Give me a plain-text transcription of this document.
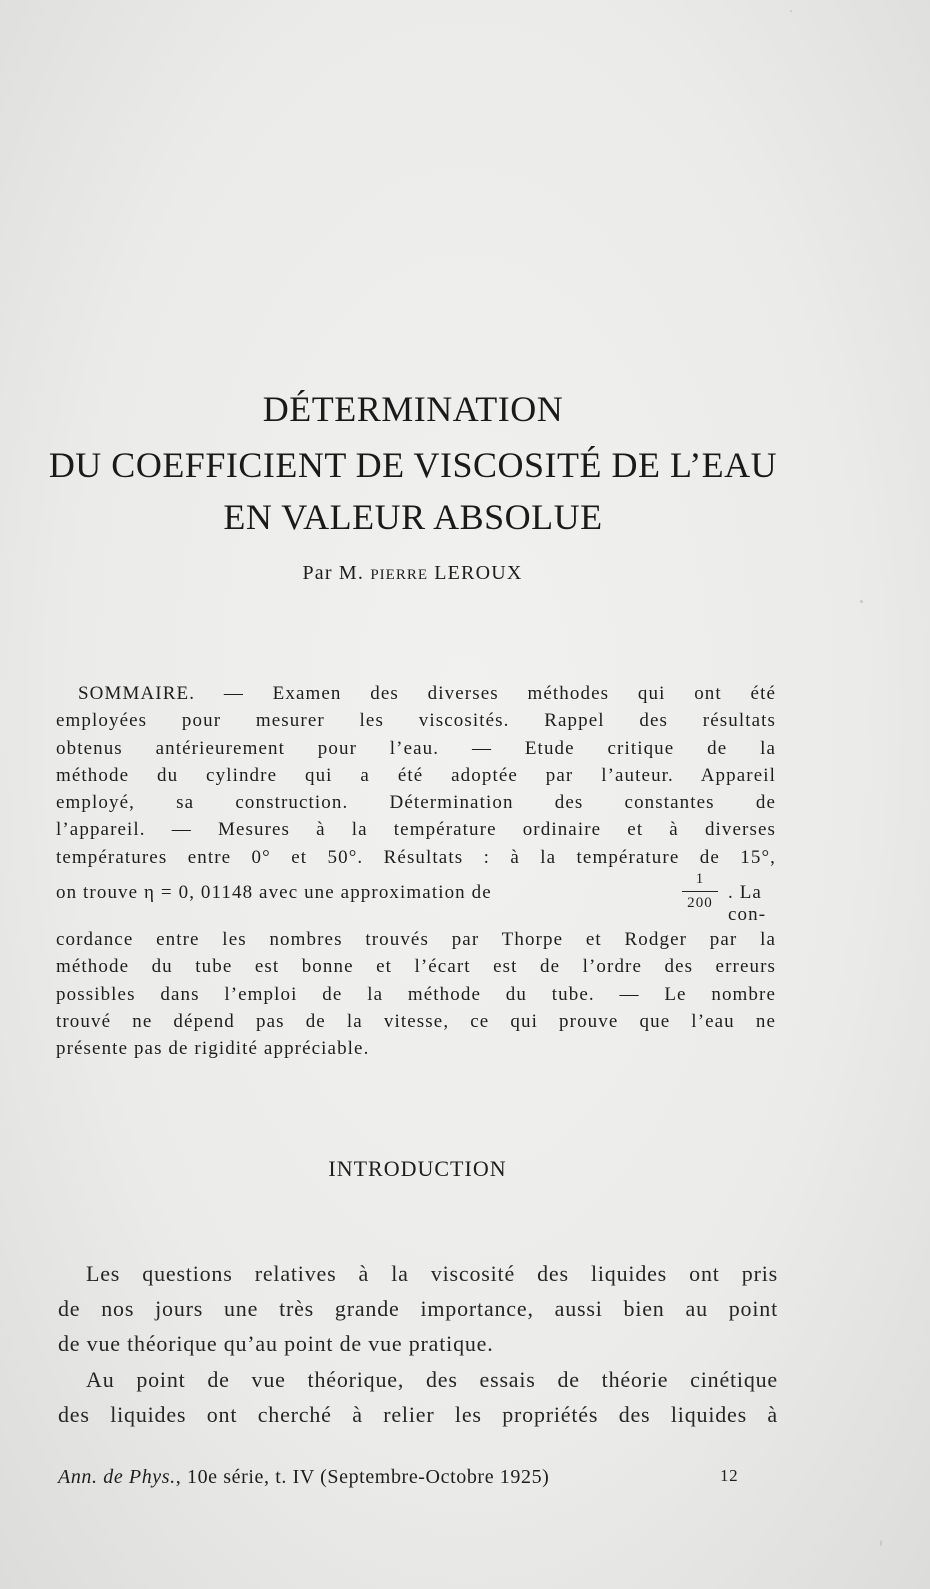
DÉTERMINATION
DU COEFFICIENT DE VISCOSITÉ DE L’EAU
EN VALEUR ABSOLUE
Par M. PIERRE LEROUX
SOMMAIRE. — Examen des diverses méthodes qui ont été
employées pour mesurer les viscosités. Rappel des résultats
obtenus antérieurement pour l’eau. — Etude critique de la
méthode du cylindre qui a été adoptée par l’auteur. Appareil
employé, sa construction. Détermination des constantes de
l’appareil. — Mesures à la température ordinaire et à diverses
températures entre 0° et 50°. Résultats : à la température de 15°,
on trouve η = 0, 01148 avec une approximation de
1
200 . La con-
cordance entre les nombres trouvés par Thorpe et Rodger par la
méthode du tube est bonne et l’écart est de l’ordre des erreurs
possibles dans l’emploi de la méthode du tube. — Le nombre
trouvé ne dépend pas de la vitesse, ce qui prouve que l’eau ne
présente pas de rigidité appréciable.
INTRODUCTION
Les questions relatives à la viscosité des liquides ont pris
de nos jours une très grande importance, aussi bien au point
de vue théorique qu’au point de vue pratique.
Au point de vue théorique, des essais de théorie cinétique
des liquides ont cherché à relier les propriétés des liquides à
Ann. de Phys., 10e série, t. IV (Septembre-Octobre 1925)	12
